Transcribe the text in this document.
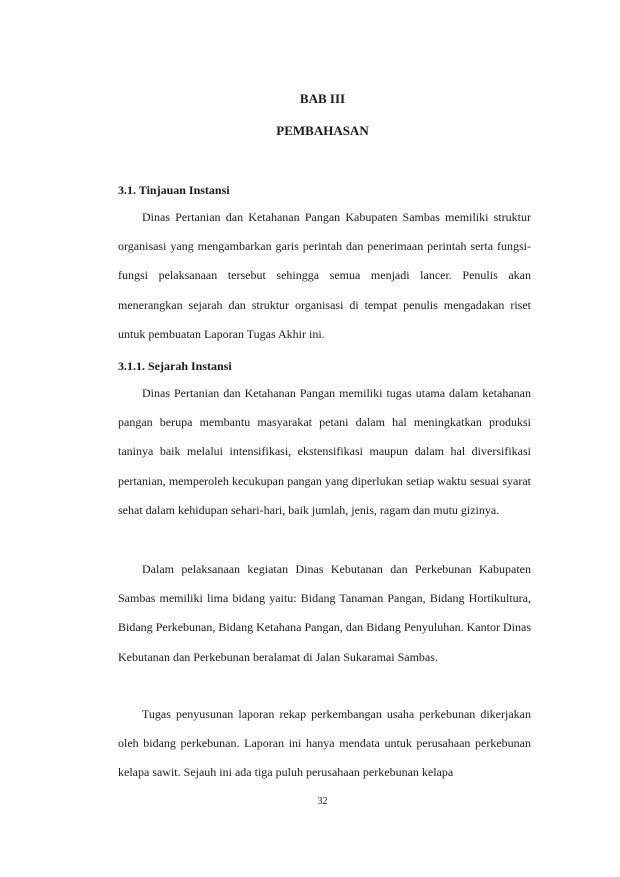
BAB III
PEMBAHASAN
3.1. Tinjauan Instansi

Dinas Pertanian dan Ketahanan Pangan Kabupaten Sambas memiliki struktur organisasi yang mengambarkan garis perintah dan penerimaan perintah serta fungsi-fungsi pelaksanaan tersebut sehingga semua menjadi lancer. Penulis akan menerangkan sejarah dan struktur organisasi di tempat penulis mengadakan riset untuk pembuatan Laporan Tugas Akhir ini.

3.1.1. Sejarah Instansi

Dinas Pertanian dan Ketahanan Pangan memiliki tugas utama dalam ketahanan pangan berupa membantu masyarakat petani dalam hal meningkatkan produksi taninya baik melalui intensifikasi, ekstensifikasi maupun dalam hal diversifikasi pertanian, memperoleh kecukupan pangan yang diperlukan setiap waktu sesuai syarat sehat dalam kehidupan sehari-hari, baik jumlah, jenis, ragam dan mutu gizinya.

Dalam pelaksanaan kegiatan Dinas Kebutanan dan Perkebunan Kabupaten Sambas memiliki lima bidang yaitu: Bidang Tanaman Pangan, Bidang Hortikultura, Bidang Perkebunan, Bidang Ketahana Pangan, dan Bidang Penyuluhan. Kantor Dinas Kebutanan dan Perkebunan beralamat di Jalan Sukaramai Sambas.

Tugas penyusunan laporan rekap perkembangan usaha perkebunan dikerjakan oleh bidang perkebunan. Laporan ini hanya mendata untuk perusahaan perkebunan kelapa sawit. Sejauh ini ada tiga puluh perusahaan perkebunan kelapa

32
